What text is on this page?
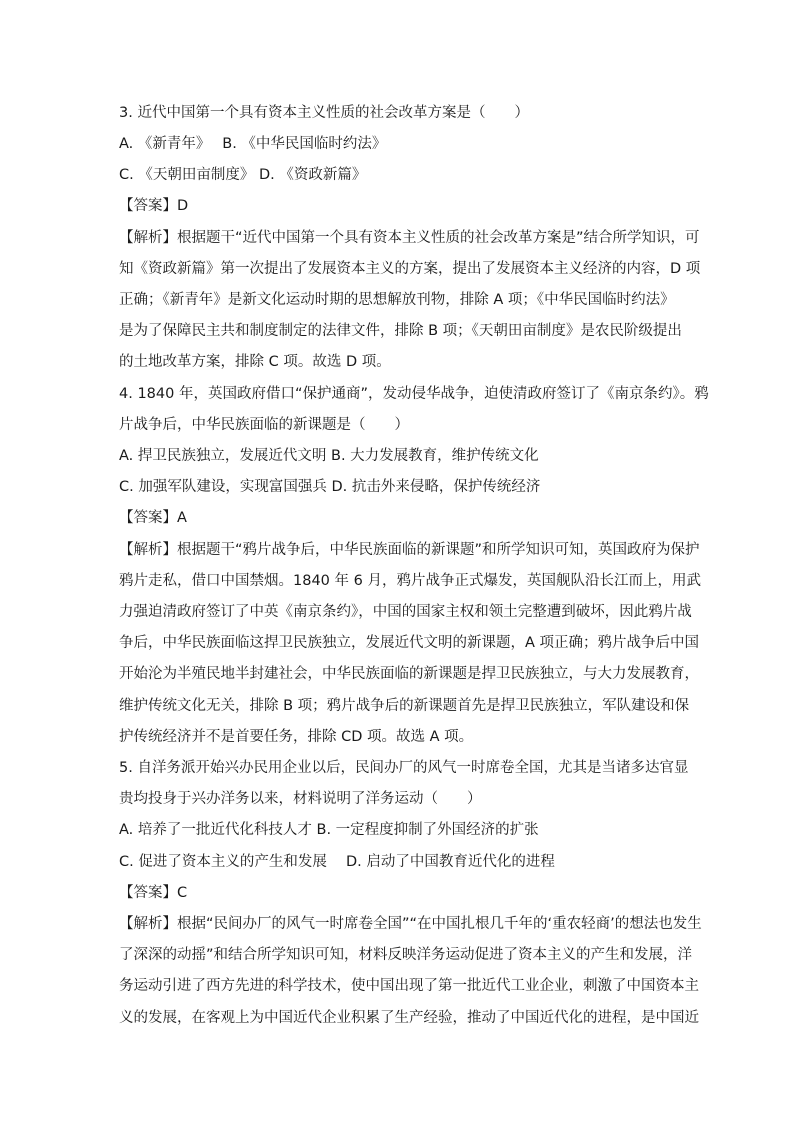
3. 近代中国第一个具有资本主义性质的社会改革方案是（　　）
A. 《新青年》　 B. 《中华民国临时约法》
C. 《天朝田亩制度》 D. 《资政新篇》
【答案】D
【解析】根据题干“近代中国第一个具有资本主义性质的社会改革方案是”结合所学知识，可
知《资政新篇》第一次提出了发展资本主义的方案，提出了发展资本主义经济的内容，D 项
正确；《新青年》是新文化运动时期的思想解放刊物，排除 A 项；《中华民国临时约法》
是为了保障民主共和制度制定的法律文件，排除 B 项；《天朝田亩制度》是农民阶级提出
的土地改革方案，排除 C 项。故选 D 项。
4. 1840 年，英国政府借口“保护通商”，发动侵华战争，迫使清政府签订了《南京条约》。鸦
片战争后，中华民族面临的新课题是（　　）
A. 捍卫民族独立，发展近代文明 B. 大力发展教育，维护传统文化
C. 加强军队建设，实现富国强兵 D. 抗击外来侵略，保护传统经济
【答案】A
【解析】根据题干“鸦片战争后，中华民族面临的新课题”和所学知识可知，英国政府为保护
鸦片走私，借口中国禁烟。1840 年 6 月，鸦片战争正式爆发，英国舰队沿长江而上，用武
力强迫清政府签订了中英《南京条约》，中国的国家主权和领土完整遭到破坏，因此鸦片战
争后，中华民族面临这捍卫民族独立，发展近代文明的新课题，A 项正确；鸦片战争后中国
开始沦为半殖民地半封建社会，中华民族面临的新课题是捍卫民族独立，与大力发展教育，
维护传统文化无关，排除 B 项；鸦片战争后的新课题首先是捍卫民族独立，军队建设和保
护传统经济并不是首要任务，排除 CD 项。故选 A 项。
5. 自洋务派开始兴办民用企业以后，民间办厂的风气一时席卷全国，尤其是当诸多达官显
贵均投身于兴办洋务以来，材料说明了洋务运动（　　）
A. 培养了一批近代化科技人才 B. 一定程度抑制了外国经济的扩张
C. 促进了资本主义的产生和发展　 D. 启动了中国教育近代化的进程
【答案】C
【解析】根据“民间办厂的风气一时席卷全国”“在中国扎根几千年的‘重农轻商’的想法也发生
了深深的动摇”和结合所学知识可知，材料反映洋务运动促进了资本主义的产生和发展，洋
务运动引进了西方先进的科学技术，使中国出现了第一批近代工业企业，刺激了中国资本主
义的发展，在客观上为中国近代企业积累了生产经验，推动了中国近代化的进程，是中国近
